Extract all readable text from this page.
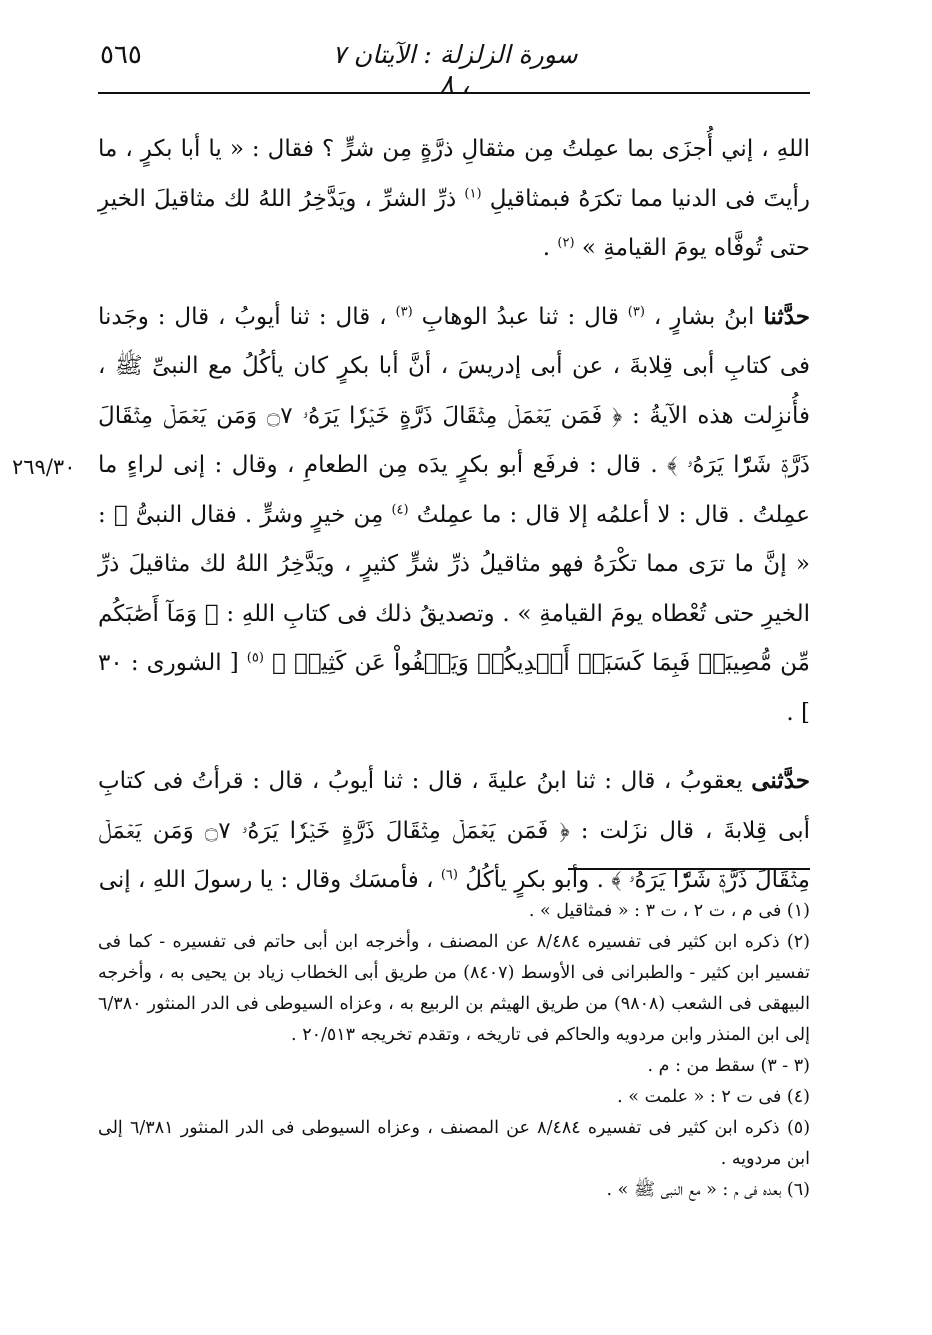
٥٦٥	سورة الزلزلة : الآيتان ٧ ، ٨
٢٦٩/٣٠

اللهِ ، إني أُجزَى بما عمِلتُ مِن مثقالِ ذرَّةٍ مِن شرٍّ ؟ فقال : « يا أبا بكرٍ ، ما رأيتَ فى الدنيا مما تكرَهُ فبمثاقيلِ $^{(١)}$ ذرِّ الشرِّ ، ويَدَّخِرُ اللهُ لك مثاقيلَ الخيرِ حتى تُوفَّاه يومَ القيامةِ » $^{(٢)}$ .

حدَّثنا ابنُ بشارٍ ، $^{(٣)}$ قال : ثنا عبدُ الوهابِ $^{(٣)}$ ، قال : ثنا أيوبُ ، قال : وجَدنا فى كتابِ أبى قِلابةَ ، عن أبى إدريسَ ، أنَّ أبا بكرٍ كان يأكُلُ مع النبىِّ ﷺ ، فأُنزِلت هذه الآيةُ : ﴿ فَمَن يَعۡمَلۡ مِثۡقَالَ ذَرَّةٍ خَيۡرٗا يَرَهُۥ ۝٧ وَمَن يَعۡمَلۡ مِثۡقَالَ ذَرَّةٖ شَرّٗا يَرَهُۥ ﴾ . قال : فرفَع أبو بكرٍ يدَه مِن الطعامِ ، وقال : إنى لراءٍ ما عمِلتُ . قال : لا أعلمُه إلا قال : ما عمِلتُ $^{(٤)}$ مِن خيرٍ وشرٍّ . فقال النبىُّ ﷺ : « إنَّ ما ترَى مما تكْرَهُ فهو مثاقيلُ ذرِّ شرٍّ كثيرٍ ، ويَدَّخِرُ اللهُ لك مثاقيلَ ذرِّ الخيرِ حتى تُعْطاه يومَ القيامةِ » . وتصديقُ ذلك فى كتابِ اللهِ : ﴿ وَمَآ أَصَٰبَكُم مِّن مُّصِيبَةٖ فَبِمَا كَسَبَتۡ أَيۡدِيكُمۡ وَيَعۡفُواْ عَن كَثِيرٖ ﴾ $^{(٥)}$ [ الشورى : ٣٠ ] .

حدَّثنى يعقوبُ ، قال : ثنا ابنُ عليةَ ، قال : ثنا أيوبُ ، قال : قرأتُ فى كتابِ أبى قِلابةَ ، قال نزَلت : ﴿ فَمَن يَعۡمَلۡ مِثۡقَالَ ذَرَّةٍ خَيۡرٗا يَرَهُۥ ۝٧ وَمَن يَعۡمَلۡ مِثۡقَالَ ذَرَّةٖ شَرّٗا يَرَهُۥ ﴾ . وأبو بكرٍ يأكُلُ $^{(٦)}$ ، فأمسَك وقال : يا رسولَ اللهِ ، إنى

(١) فى م ، ت ٢ ، ت ٣ : « فمثاقيل » .
(٢) ذكره ابن كثير فى تفسيره ٨/٤٨٤ عن المصنف ، وأخرجه ابن أبى حاتم فى تفسيره - كما فى تفسير ابن كثير - والطبرانى فى الأوسط (٨٤٠٧) من طريق أبى الخطاب زياد بن يحيى به ، وأخرجه البيهقى فى الشعب (٩٨٠٨) من طريق الهيثم بن الربيع به ، وعزاه السيوطى فى الدر المنثور ٦/٣٨٠ إلى ابن المنذر وابن مردويه والحاكم فى تاريخه ، وتقدم تخريجه ٢٠/٥١٣ .
(٣ - ٣) سقط من : م .
(٤) فى ت ٢ : « علمت » .
(٥) ذكره ابن كثير فى تفسيره ٨/٤٨٤ عن المصنف ، وعزاه السيوطى فى الدر المنثور ٦/٣٨١ إلى ابن مردويه .
(٦) بعده فى م : « مع النبى ﷺ » .
